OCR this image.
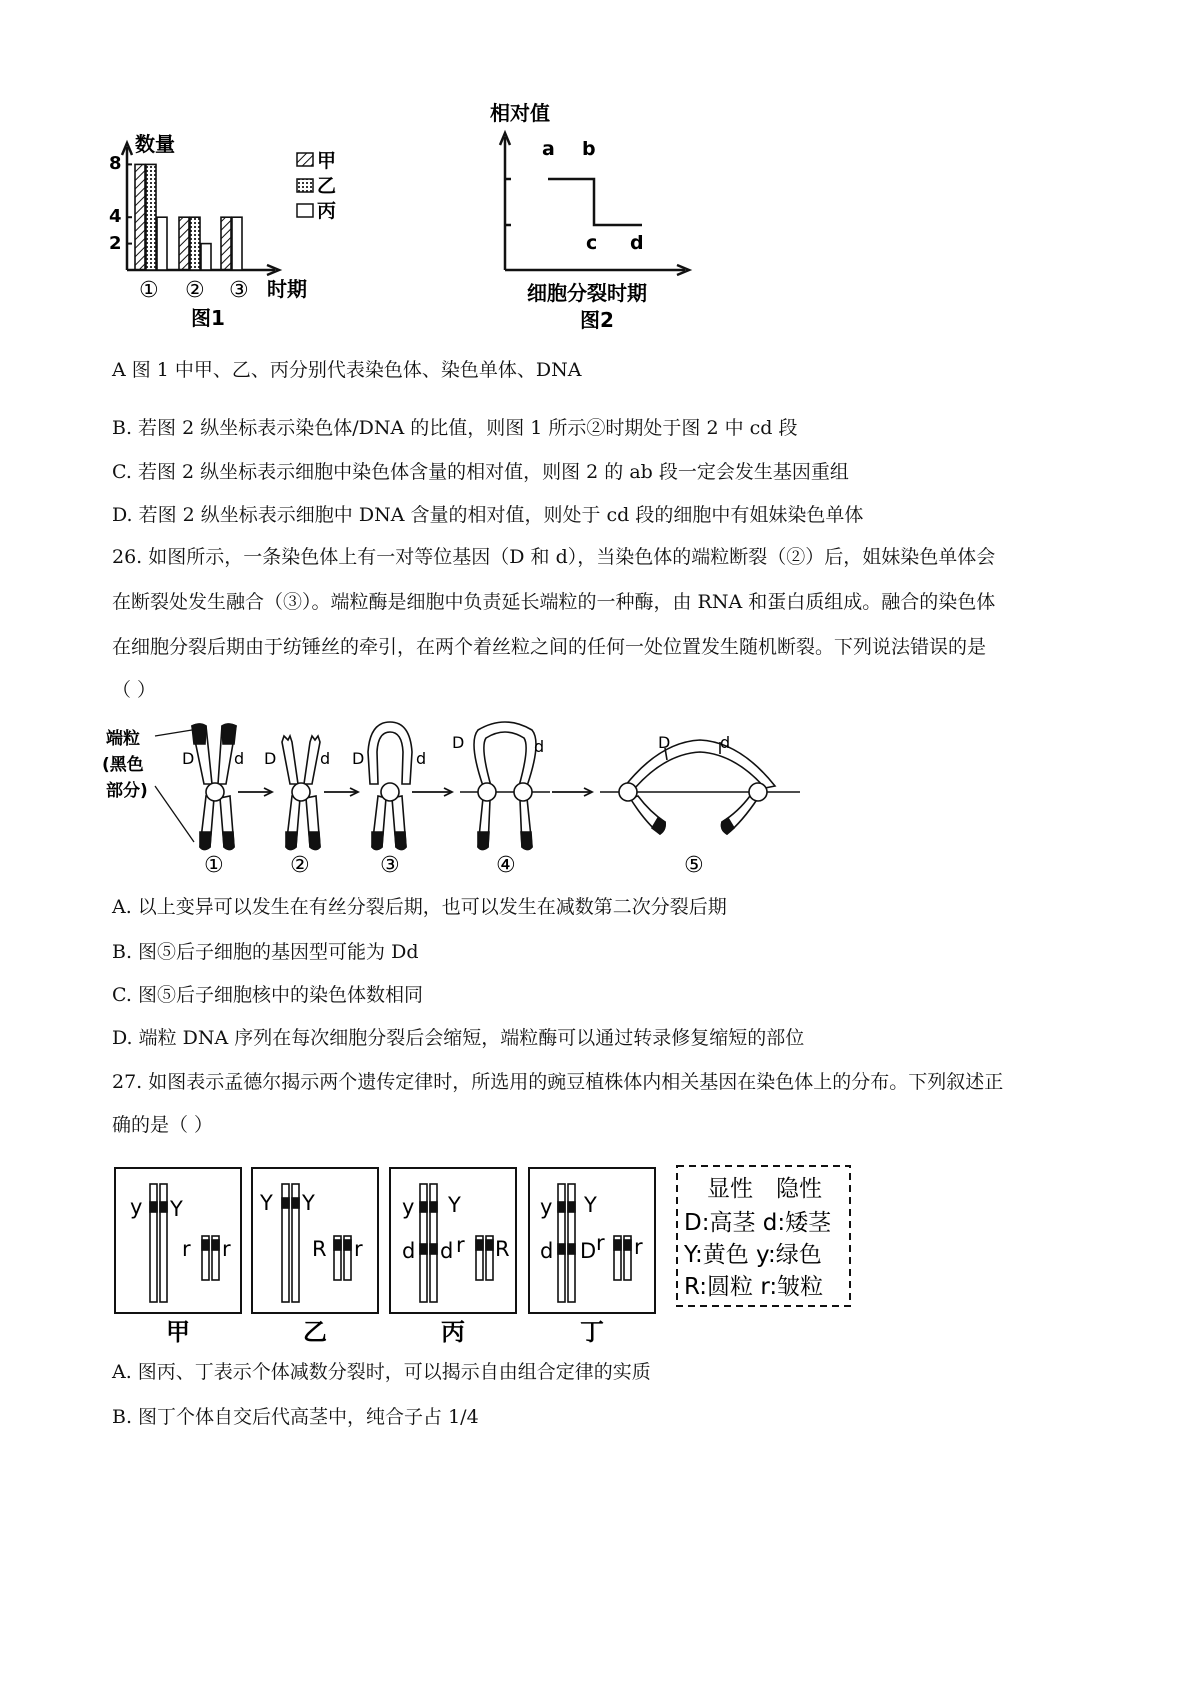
数量
8
4
2
① ② ③ 时期
图1
甲
乙
丙
相对值
a b
c d
细胞分裂时期
图2
A 图 1 中甲、乙、丙分别代表染色体、染色单体、DNA
B. 若图 2 纵坐标表示染色体/DNA 的比值，则图 1 所示②时期处于图 2 中 cd 段
C. 若图 2 纵坐标表示细胞中染色体含量的相对值，则图 2 的 ab 段一定会发生基因重组
D. 若图 2 纵坐标表示细胞中 DNA 含量的相对值，则处于 cd 段的细胞中有姐妹染色单体
26. 如图所示，一条染色体上有一对等位基因（D 和 d），当染色体的端粒断裂（②）后，姐妹染色单体会
在断裂处发生融合（③）。端粒酶是细胞中负责延长端粒的一种酶，由 RNA 和蛋白质组成。融合的染色体
在细胞分裂后期由于纺锤丝的牵引，在两个着丝粒之间的任何一处位置发生随机断裂。下列说法错误的是
（ ）
端粒
(黑色
部分)
D d D	d D	d
D	d	D	d
①	②	③	④	⑤
A. 以上变异可以发生在有丝分裂后期，也可以发生在减数第二次分裂后期
B. 图⑤后子细胞的基因型可能为 Dd
C. 图⑤后子细胞核中的染色体数相同
D. 端粒 DNA 序列在每次细胞分裂后会缩短，端粒酶可以通过转录修复缩短的部位
27. 如图表示孟德尔揭示两个遗传定律时，所选用的豌豆植株体内相关基因在染色体上的分布。下列叙述正
确的是（ ）
y Y
r r
Y Y
R r
y Y
d d r R
y Y
d D r r
甲	乙	丙	丁
显性 隐性
D:高茎 d:矮茎
Y:黄色 y:绿色
R:圆粒 r:皱粒
A. 图丙、丁表示个体减数分裂时，可以揭示自由组合定律的实质
B. 图丁个体自交后代高茎中，纯合子占 1/4
